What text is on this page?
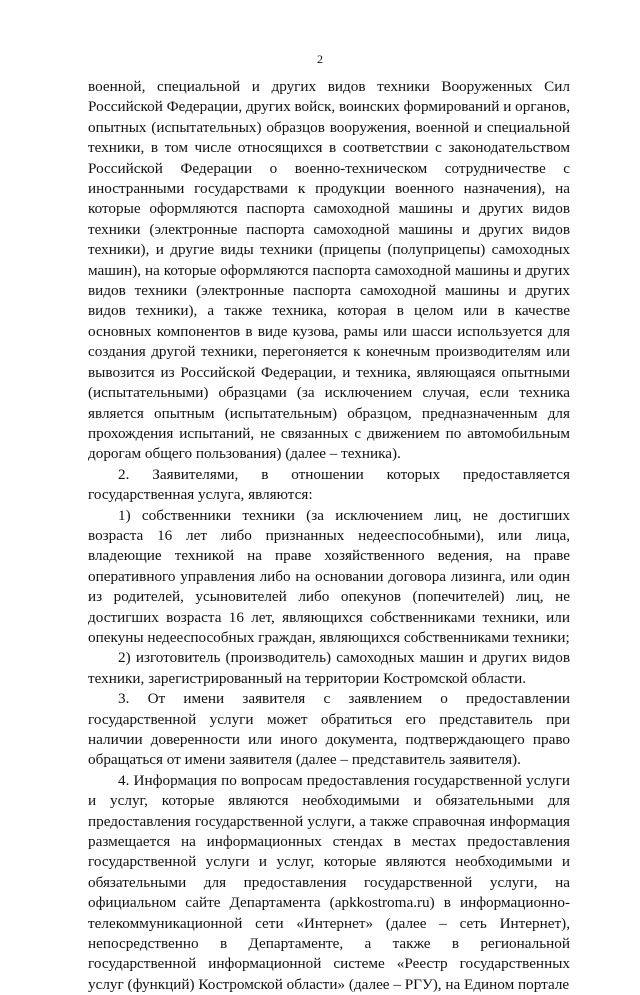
2

военной, специальной и других видов техники Вооруженных Сил Российской Федерации, других войск, воинских формирований и органов, опытных (испытательных) образцов вооружения, военной и специальной техники, в том числе относящихся в соответствии с законодательством Российской Федерации о военно-техническом сотрудничестве с иностранными государствами к продукции военного назначения), на которые оформляются паспорта самоходной машины и других видов техники (электронные паспорта самоходной машины и других видов техники), и другие виды техники (прицепы (полуприцепы) самоходных машин), на которые оформляются паспорта самоходной машины и других видов техники (электронные паспорта самоходной машины и других видов техники), а также техника, которая в целом или в качестве основных компонентов в виде кузова, рамы или шасси используется для создания другой техники, перегоняется к конечным производителям или вывозится из Российской Федерации, и техника, являющаяся опытными (испытательными) образцами (за исключением случая, если техника является опытным (испытательным) образцом, предназначенным для прохождения испытаний, не связанных с движением по автомобильным дорогам общего пользования) (далее – техника).

2. Заявителями, в отношении которых предоставляется государственная услуга, являются:

1) собственники техники (за исключением лиц, не достигших возраста 16 лет либо признанных недееспособными), или лица, владеющие техникой на праве хозяйственного ведения, на праве оперативного управления либо на основании договора лизинга, или один из родителей, усыновителей либо опекунов (попечителей) лиц, не достигших возраста 16 лет, являющихся собственниками техники, или опекуны недееспособных граждан, являющихся собственниками техники;

2) изготовитель (производитель) самоходных машин и других видов техники, зарегистрированный на территории Костромской области.

3. От имени заявителя с заявлением о предоставлении государственной услуги может обратиться его представитель при наличии доверенности или иного документа, подтверждающего право обращаться от имени заявителя (далее – представитель заявителя).

4. Информация по вопросам предоставления государственной услуги и услуг, которые являются необходимыми и обязательными для предоставления государственной услуги, а также справочная информация размещается на информационных стендах в местах предоставления государственной услуги и услуг, которые являются необходимыми и обязательными для предоставления государственной услуги, на официальном сайте Департамента (apkkostroma.ru) в информационно-телекоммуникационной сети «Интернет» (далее – сеть Интернет), непосредственно в Департаменте, а также в региональной государственной информационной системе «Реестр государственных услуг (функций) Костромской области» (далее – РГУ), на Едином портале
